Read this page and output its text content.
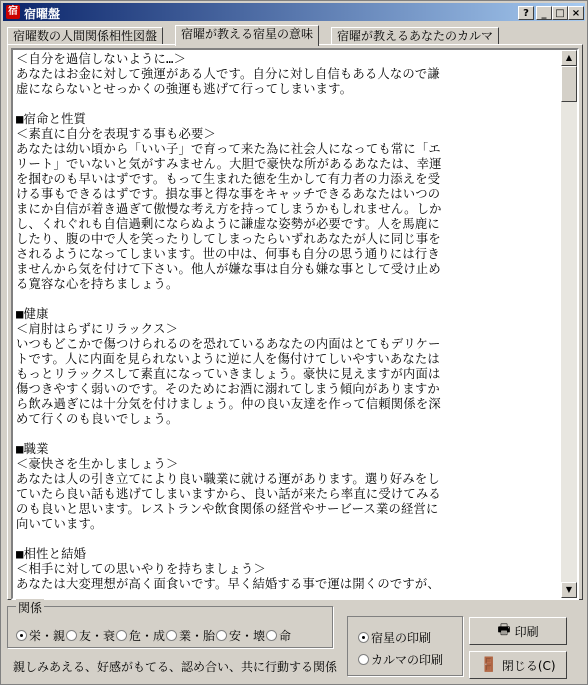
宿 宿曜盤	?	_ □ ×
宿曜数の人間関係相性図盤	宿曜が教える宿星の意味	宿曜が教えるあなたのカルマ
＜自分を過信しないように…＞
あなたはお金に対して強運がある人です。自分に対し自信もある人なので謙
虚にならないとせっかくの強運も逃げて行ってしまいます。

■宿命と性質
＜素直に自分を表現する事も必要＞
あなたは幼い頃から「いい子」で育って来た為に社会人になっても常に「エ
リート」でいないと気がすみません。大胆で豪快な所があるあなたは、幸運
を掴むのも早いはずです。もって生まれた徳を生かして有力者の力添えを受
ける事もできるはずです。損な事と得な事をキャッチできるあなたはいつの
まにか自信が着き過ぎて傲慢な考え方を持ってしまうかもしれません。しか
し、くれぐれも自信過剰にならぬように謙虚な姿勢が必要です。人を馬鹿に
したり、腹の中で人を笑ったりしてしまったらいずれあなたが人に同じ事を
されるようになってしまいます。世の中は、何事も自分の思う通りには行き
ませんから気を付けて下さい。他人が嫌な事は自分も嫌な事として受け止め
る寛容な心を持ちましょう。

■健康
＜肩肘はらずにリラックス＞
いつもどこかで傷つけられるのを恐れているあなたの内面はとてもデリケー
トです。人に内面を見られないように逆に人を傷付けてしいやすいあなたは
もっとリラックスして素直になっていきましょう。豪快に見えますが内面は
傷つきやすく弱いのです。そのためにお酒に溺れてしまう傾向がありますか
ら飲み過ぎには十分気を付けましょう。仲の良い友達を作って信頼関係を深
めて行くのも良いでしょう。

■職業
＜豪快さを生かしましょう＞
あなたは人の引き立てにより良い職業に就ける運があります。選り好みをし
ていたら良い話も逃げてしまいますから、良い話が来たら率直に受けてみる
のも良いと思います。レストランや飲食関係の経営やサービース業の経営に
向いています。

■相性と結婚
＜相手に対しての思いやりを持ちましょう＞
あなたは大変理想が高く面食いです。早く結婚する事で運は開くのですが、
▲
▼
関係
栄・親	友・衰	危・成	業・胎	安・壊	命
親しみあえる、好感がもてる、認め合い、共に行動する関係
宿星の印刷
カルマの印刷
🖶 印刷
🚪 閉じる(C)
